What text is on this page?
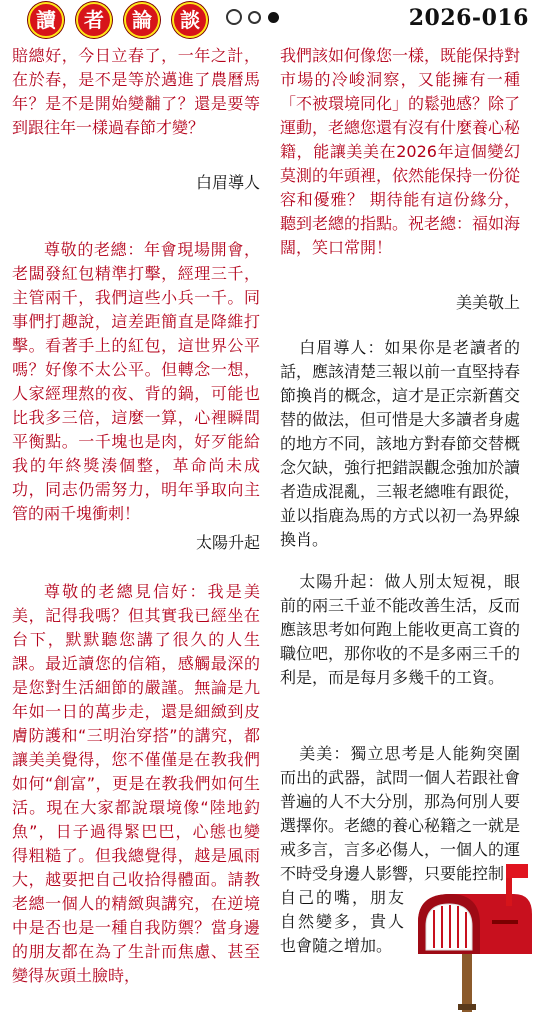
讀	者	論	談	2026-016
賠總好，今日立春了，一年之計，在於春，是不是等於邁進了農曆馬年？是不是開始變黼了？還是要等到跟往年一樣過春節才變？
白眉導人
尊敬的老總：年會現場開會，老闆發紅包精準打擊，經理三千，主管兩千，我們這些小兵一千。同事們打趣說，這差距簡直是降維打擊。看著手上的紅包，這世界公平嗎？好像不太公平。但轉念一想，人家經理熬的夜、背的鍋，可能也比我多三倍，這麼一算，心裡瞬間平衡點。一千塊也是肉，好歹能給我的年終獎湊個整，革命尚未成功，同志仍需努力，明年爭取向主管的兩千塊衝刺！
太陽升起
尊敬的老總見信好：我是美美，記得我嗎？但其實我已經坐在台下，默默聽您講了很久的人生課。最近讀您的信箱，感觸最深的是您對生活細節的嚴謹。無論是九年如一日的萬步走，還是細緻到皮膚防護和“三明治穿搭”的講究，都讓美美覺得，您不僅僅是在教我們如何“創富”，更是在教我們如何生活。現在大家都說環境像“陸地釣魚”，日子過得緊巴巴，心態也變得粗糙了。但我總覺得，越是風雨大，越要把自己收拾得體面。請教老總一個人的精緻與講究，在逆境中是否也是一種自我防禦？當身邊的朋友都在為了生計而焦慮、甚至變得灰頭土臉時，
我們該如何像您一樣，既能保持對市場的冷峻洞察，又能擁有一種「不被環境同化」的鬆弛感？除了運動，老總您還有沒有什麼養心秘籍，能讓美美在2026年這個變幻莫測的年頭裡，依然能保持一份從容和優雅？ 期待能有這份緣分，聽到老總的指點。祝老總：福如海闊，笑口常開！
美美敬上
白眉導人：如果你是老讀者的話，應該清楚三報以前一直堅持春節換肖的概念，這才是正宗新舊交替的做法，但可惜是大多讀者身處的地方不同，該地方對春節交替概念欠缺，強行把錯誤觀念強加於讀者造成混亂，三報老總唯有跟從，並以指鹿為馬的方式以初一為界線換肖。
太陽升起：做人別太短視，眼前的兩三千並不能改善生活，反而應該思考如何跑上能收更高工資的職位吧，那你收的不是多兩三千的利是，而是每月多幾千的工資。
美美：獨立思考是人能夠突圍而出的武器，試問一個人若跟社會普遍的人不大分別，那為何別人要選擇你。老總的養心秘籍之一就是戒多言，言多必傷人，一個人的運不時受身邊人影響，只要能控制
自己的嘴，朋友自然變多，貴人也會隨之增加。
